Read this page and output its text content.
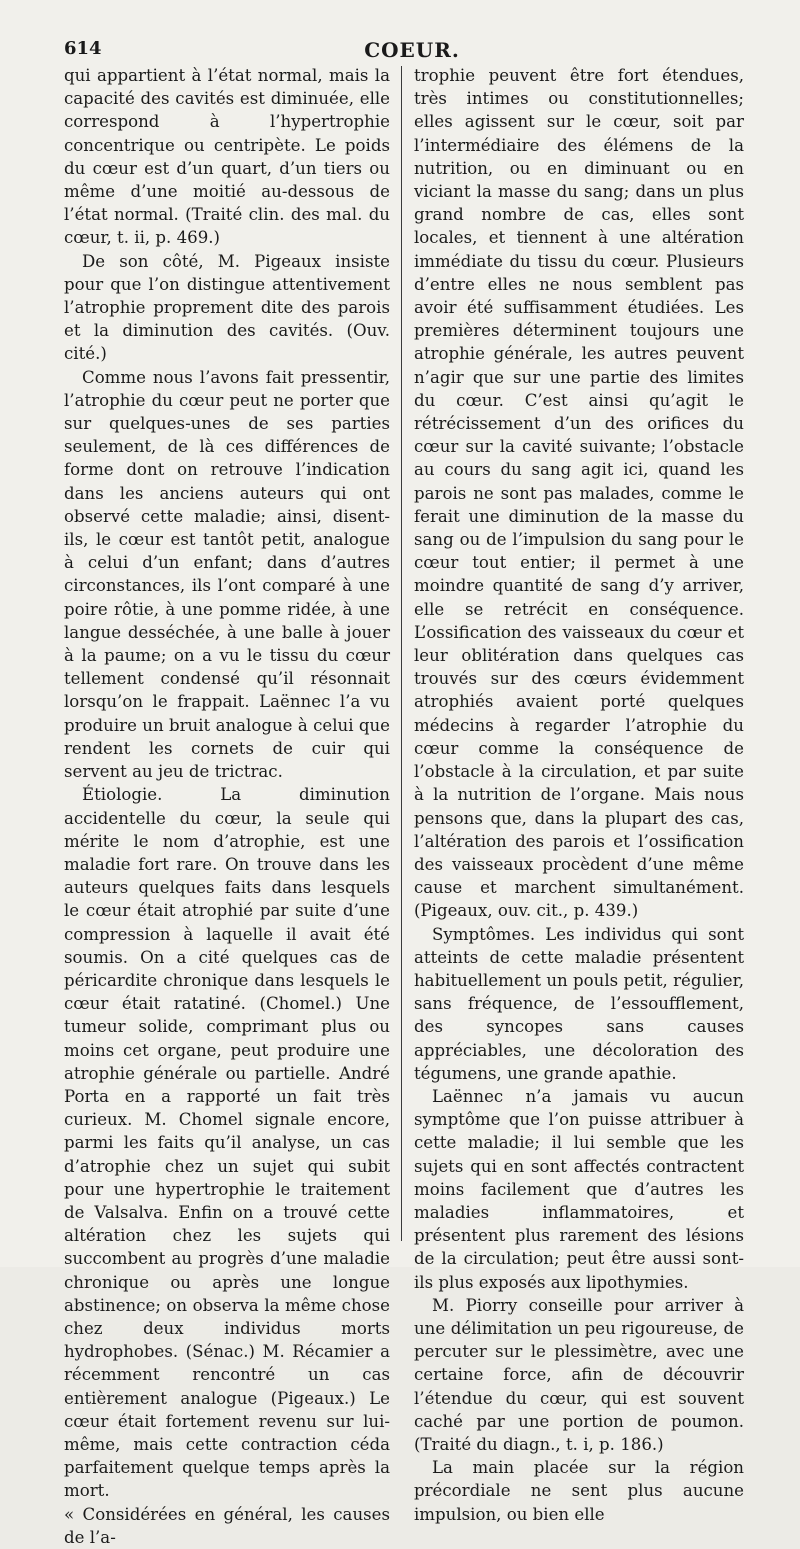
614	COEUR.

qui appartient à l’état normal, mais la capacité des cavités est diminuée, elle correspond à l’hypertrophie concentrique ou centripète. Le poids du cœur est d’un quart, d’un tiers ou même d’une moitié au-dessous de l’état normal. (Traité clin. des mal. du cœur, t. ii, p. 469.)

De son côté, M. Pigeaux insiste pour que l’on distingue attentivement l’atrophie proprement dite des parois et la diminution des cavités. (Ouv. cité.)

Comme nous l’avons fait pressentir, l’atrophie du cœur peut ne porter que sur quelques-unes de ses parties seulement, de là ces différences de forme dont on retrouve l’indication dans les anciens auteurs qui ont observé cette maladie; ainsi, disent-ils, le cœur est tantôt petit, analogue à celui d’un enfant; dans d’autres circonstances, ils l’ont comparé à une poire rôtie, à une pomme ridée, à une langue desséchée, à une balle à jouer à la paume; on a vu le tissu du cœur tellement condensé qu’il résonnait lorsqu’on le frappait. Laënnec l’a vu produire un bruit analogue à celui que rendent les cornets de cuir qui servent au jeu de trictrac.

Étiologie. La diminution accidentelle du cœur, la seule qui mérite le nom d’atrophie, est une maladie fort rare. On trouve dans les auteurs quelques faits dans lesquels le cœur était atrophié par suite d’une compression à laquelle il avait été soumis. On a cité quelques cas de péricardite chronique dans lesquels le cœur était ratatiné. (Chomel.) Une tumeur solide, comprimant plus ou moins cet organe, peut produire une atrophie générale ou partielle. André Porta en a rapporté un fait très curieux. M. Chomel signale encore, parmi les faits qu’il analyse, un cas d’atrophie chez un sujet qui subit pour une hypertrophie le traitement de Valsalva. Enfin on a trouvé cette altération chez les sujets qui succombent au progrès d’une maladie chronique ou après une longue abstinence; on observa la même chose chez deux individus morts hydrophobes. (Sénac.) M. Récamier a récemment rencontré un cas entièrement analogue (Pigeaux.) Le cœur était fortement revenu sur lui-même, mais cette contraction céda parfaitement quelque temps après la mort.

« Considérées en général, les causes de l’a-

trophie peuvent être fort étendues, très intimes ou constitutionnelles; elles agissent sur le cœur, soit par l’intermédiaire des élémens de la nutrition, ou en diminuant ou en viciant la masse du sang; dans un plus grand nombre de cas, elles sont locales, et tiennent à une altération immédiate du tissu du cœur. Plusieurs d’entre elles ne nous semblent pas avoir été suffisamment étudiées. Les premières déterminent toujours une atrophie générale, les autres peuvent n’agir que sur une partie des limites du cœur. C’est ainsi qu’agit le rétrécissement d’un des orifices du cœur sur la cavité suivante; l’obstacle au cours du sang agit ici, quand les parois ne sont pas malades, comme le ferait une diminution de la masse du sang ou de l’impulsion du sang pour le cœur tout entier; il permet à une moindre quantité de sang d’y arriver, elle se retrécit en conséquence. L’ossification des vaisseaux du cœur et leur oblitération dans quelques cas trouvés sur des cœurs évidemment atrophiés avaient porté quelques médecins à regarder l’atrophie du cœur comme la conséquence de l’obstacle à la circulation, et par suite à la nutrition de l’organe. Mais nous pensons que, dans la plupart des cas, l’altération des parois et l’ossification des vaisseaux procèdent d’une même cause et marchent simultanément. (Pigeaux, ouv. cit., p. 439.)

Symptômes. Les individus qui sont atteints de cette maladie présentent habituellement un pouls petit, régulier, sans fréquence, de l’essoufflement, des syncopes sans causes appréciables, une décoloration des tégumens, une grande apathie.

Laënnec n’a jamais vu aucun symptôme que l’on puisse attribuer à cette maladie; il lui semble que les sujets qui en sont affectés contractent moins facilement que d’autres les maladies inflammatoires, et présentent plus rarement des lésions de la circulation; peut être aussi sont-ils plus exposés aux lipothymies.

M. Piorry conseille pour arriver à une délimitation un peu rigoureuse, de percuter sur le plessimètre, avec une certaine force, afin de découvrir l’étendue du cœur, qui est souvent caché par une portion de poumon. (Traité du diagn., t. i, p. 186.)

La main placée sur la région précordiale ne sent plus aucune impulsion, ou bien elle
